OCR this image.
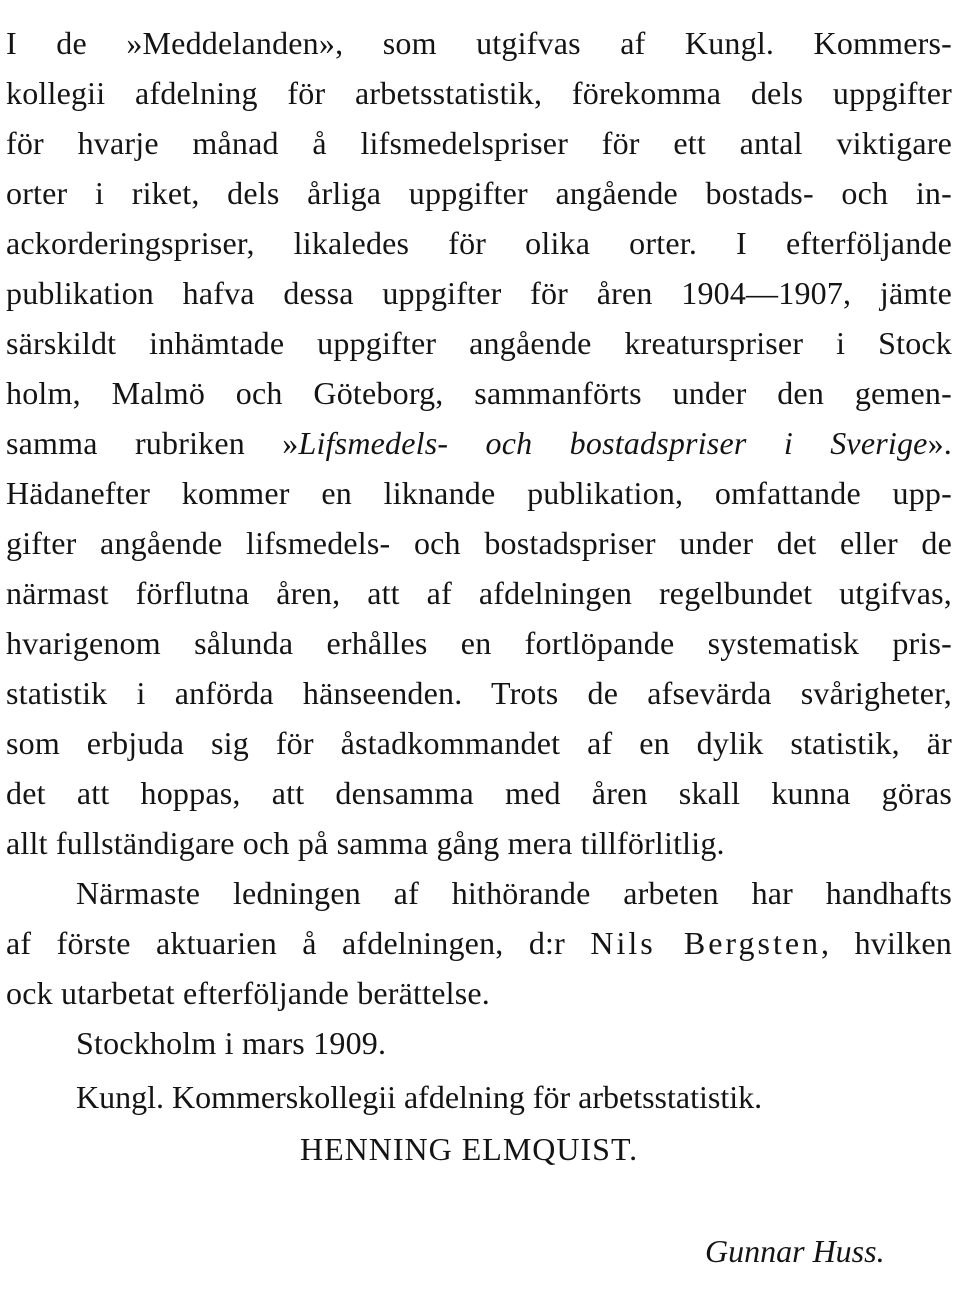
I de »Meddelanden», som utgifvas af Kungl. Kommers-
kollegii afdelning för arbetsstatistik, förekomma dels uppgifter
för hvarje månad å lifsmedelspriser för ett antal viktigare
orter i riket, dels årliga uppgifter angående bostads- och in-
ackorderingspriser, likaledes för olika orter. I efterföljande
publikation hafva dessa uppgifter för åren 1904—1907, jämte
särskildt inhämtade uppgifter angående kreaturspriser i Stock
holm, Malmö och Göteborg, sammanförts under den gemen-
samma rubriken »Lifsmedels- och bostadspriser i Sverige».
Hädanefter kommer en liknande publikation, omfattande upp-
gifter angående lifsmedels- och bostadspriser under det eller de
närmast förflutna åren, att af afdelningen regelbundet utgifvas,
hvarigenom sålunda erhålles en fortlöpande systematisk pris-
statistik i anförda hänseenden. Trots de afsevärda svårigheter,
som erbjuda sig för åstadkommandet af en dylik statistik, är
det att hoppas, att densamma med åren skall kunna göras
allt fullständigare och på samma gång mera tillförlitlig.
Närmaste ledningen af hithörande arbeten har handhafts
af förste aktuarien å afdelningen, d:r Nils Bergsten, hvilken
ock utarbetat efterföljande berättelse.
Stockholm i mars 1909.
Kungl. Kommerskollegii afdelning för arbetsstatistik.
HENNING ELMQUIST.
Gunnar Huss.
